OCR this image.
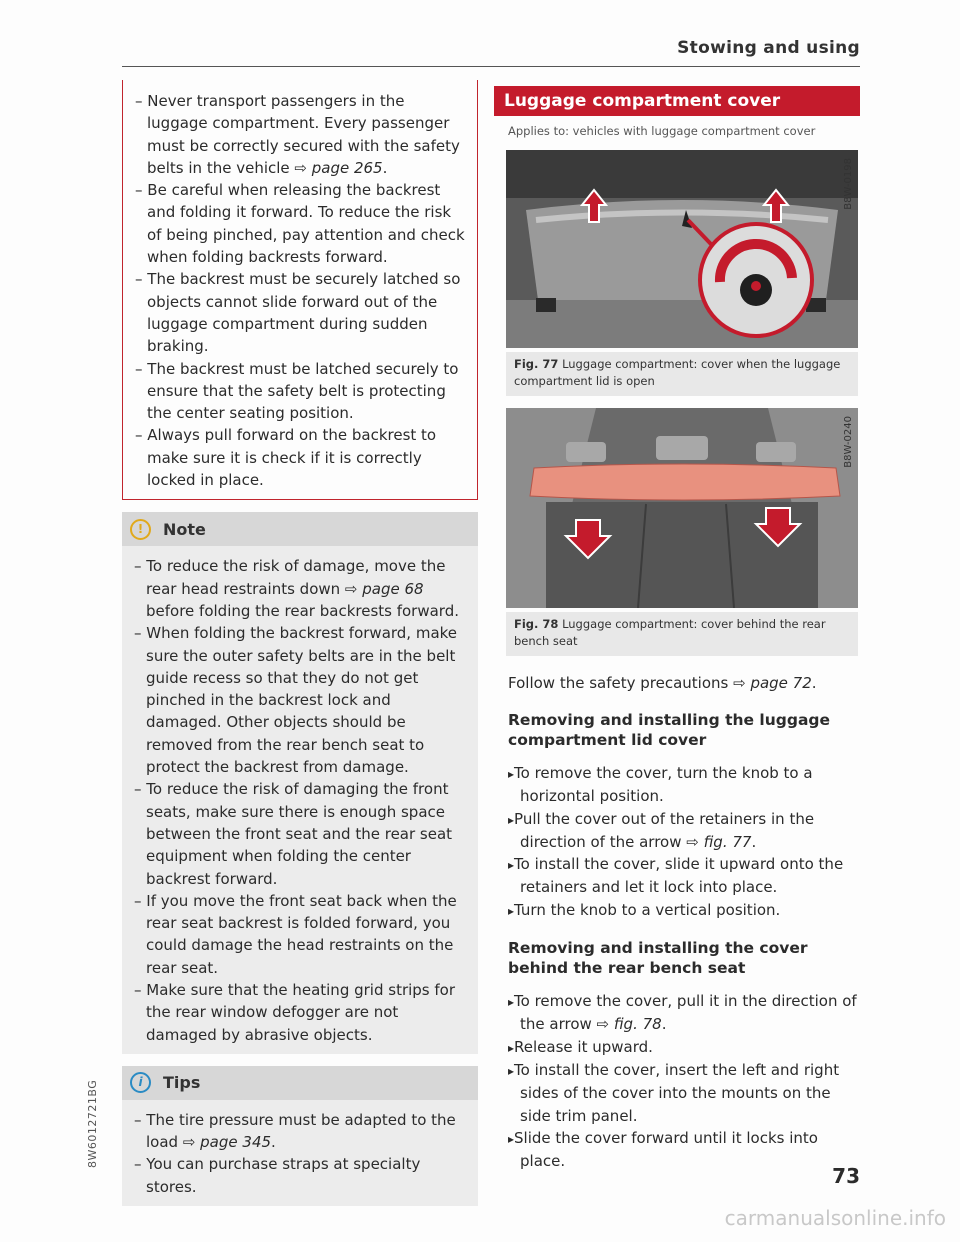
Stowing and using
– Never transport passengers in the luggage compartment. Every passenger must be correctly secured with the safety belts in the vehicle ⇨ page 265.
– Be careful when releasing the backrest and folding it forward. To reduce the risk of being pinched, pay attention and check when folding backrests forward.
– The backrest must be securely latched so objects cannot slide forward out of the luggage compartment during sudden braking.
– The backrest must be latched securely to ensure that the safety belt is protecting the center seating position.
– Always pull forward on the backrest to make sure it is check if it is correctly locked in place.
!	Note
– To reduce the risk of damage, move the rear head restraints down ⇨ page 68 before folding the rear backrests forward.
– When folding the backrest forward, make sure the outer safety belts are in the belt guide recess so that they do not get pinched in the backrest lock and damaged. Other objects should be removed from the rear bench seat to protect the backrest from damage.
– To reduce the risk of damaging the front seats, make sure there is enough space between the front seat and the rear seat equipment when folding the center backrest forward.
– If you move the front seat back when the rear seat backrest is folded forward, you could damage the head restraints on the rear seat.
– Make sure that the heating grid strips for the rear window defogger are not damaged by abrasive objects.
i	Tips
– The tire pressure must be adapted to the load ⇨ page 345.
– You can purchase straps at specialty stores.
Luggage compartment cover
Applies to: vehicles with luggage compartment cover
B8W-0198
Fig. 77 Luggage compartment: cover when the luggage compartment lid is open
B8W-0240
Fig. 78 Luggage compartment: cover behind the rear bench seat
Follow the safety precautions ⇨ page 72.
Removing and installing the luggage compartment lid cover
▸ To remove the cover, turn the knob to a horizontal position.
▸ Pull the cover out of the retainers in the direction of the arrow ⇨ fig. 77.
▸ To install the cover, slide it upward onto the retainers and let it lock into place.
▸ Turn the knob to a vertical position.
Removing and installing the cover behind the rear bench seat
▸ To remove the cover, pull it in the direction of the arrow ⇨ fig. 78.
▸ Release it upward.
▸ To install the cover, insert the left and right sides of the cover into the mounts on the side trim panel.
▸ Slide the cover forward until it locks into place.
8W6012721BG
73
carmanualsonline.info
